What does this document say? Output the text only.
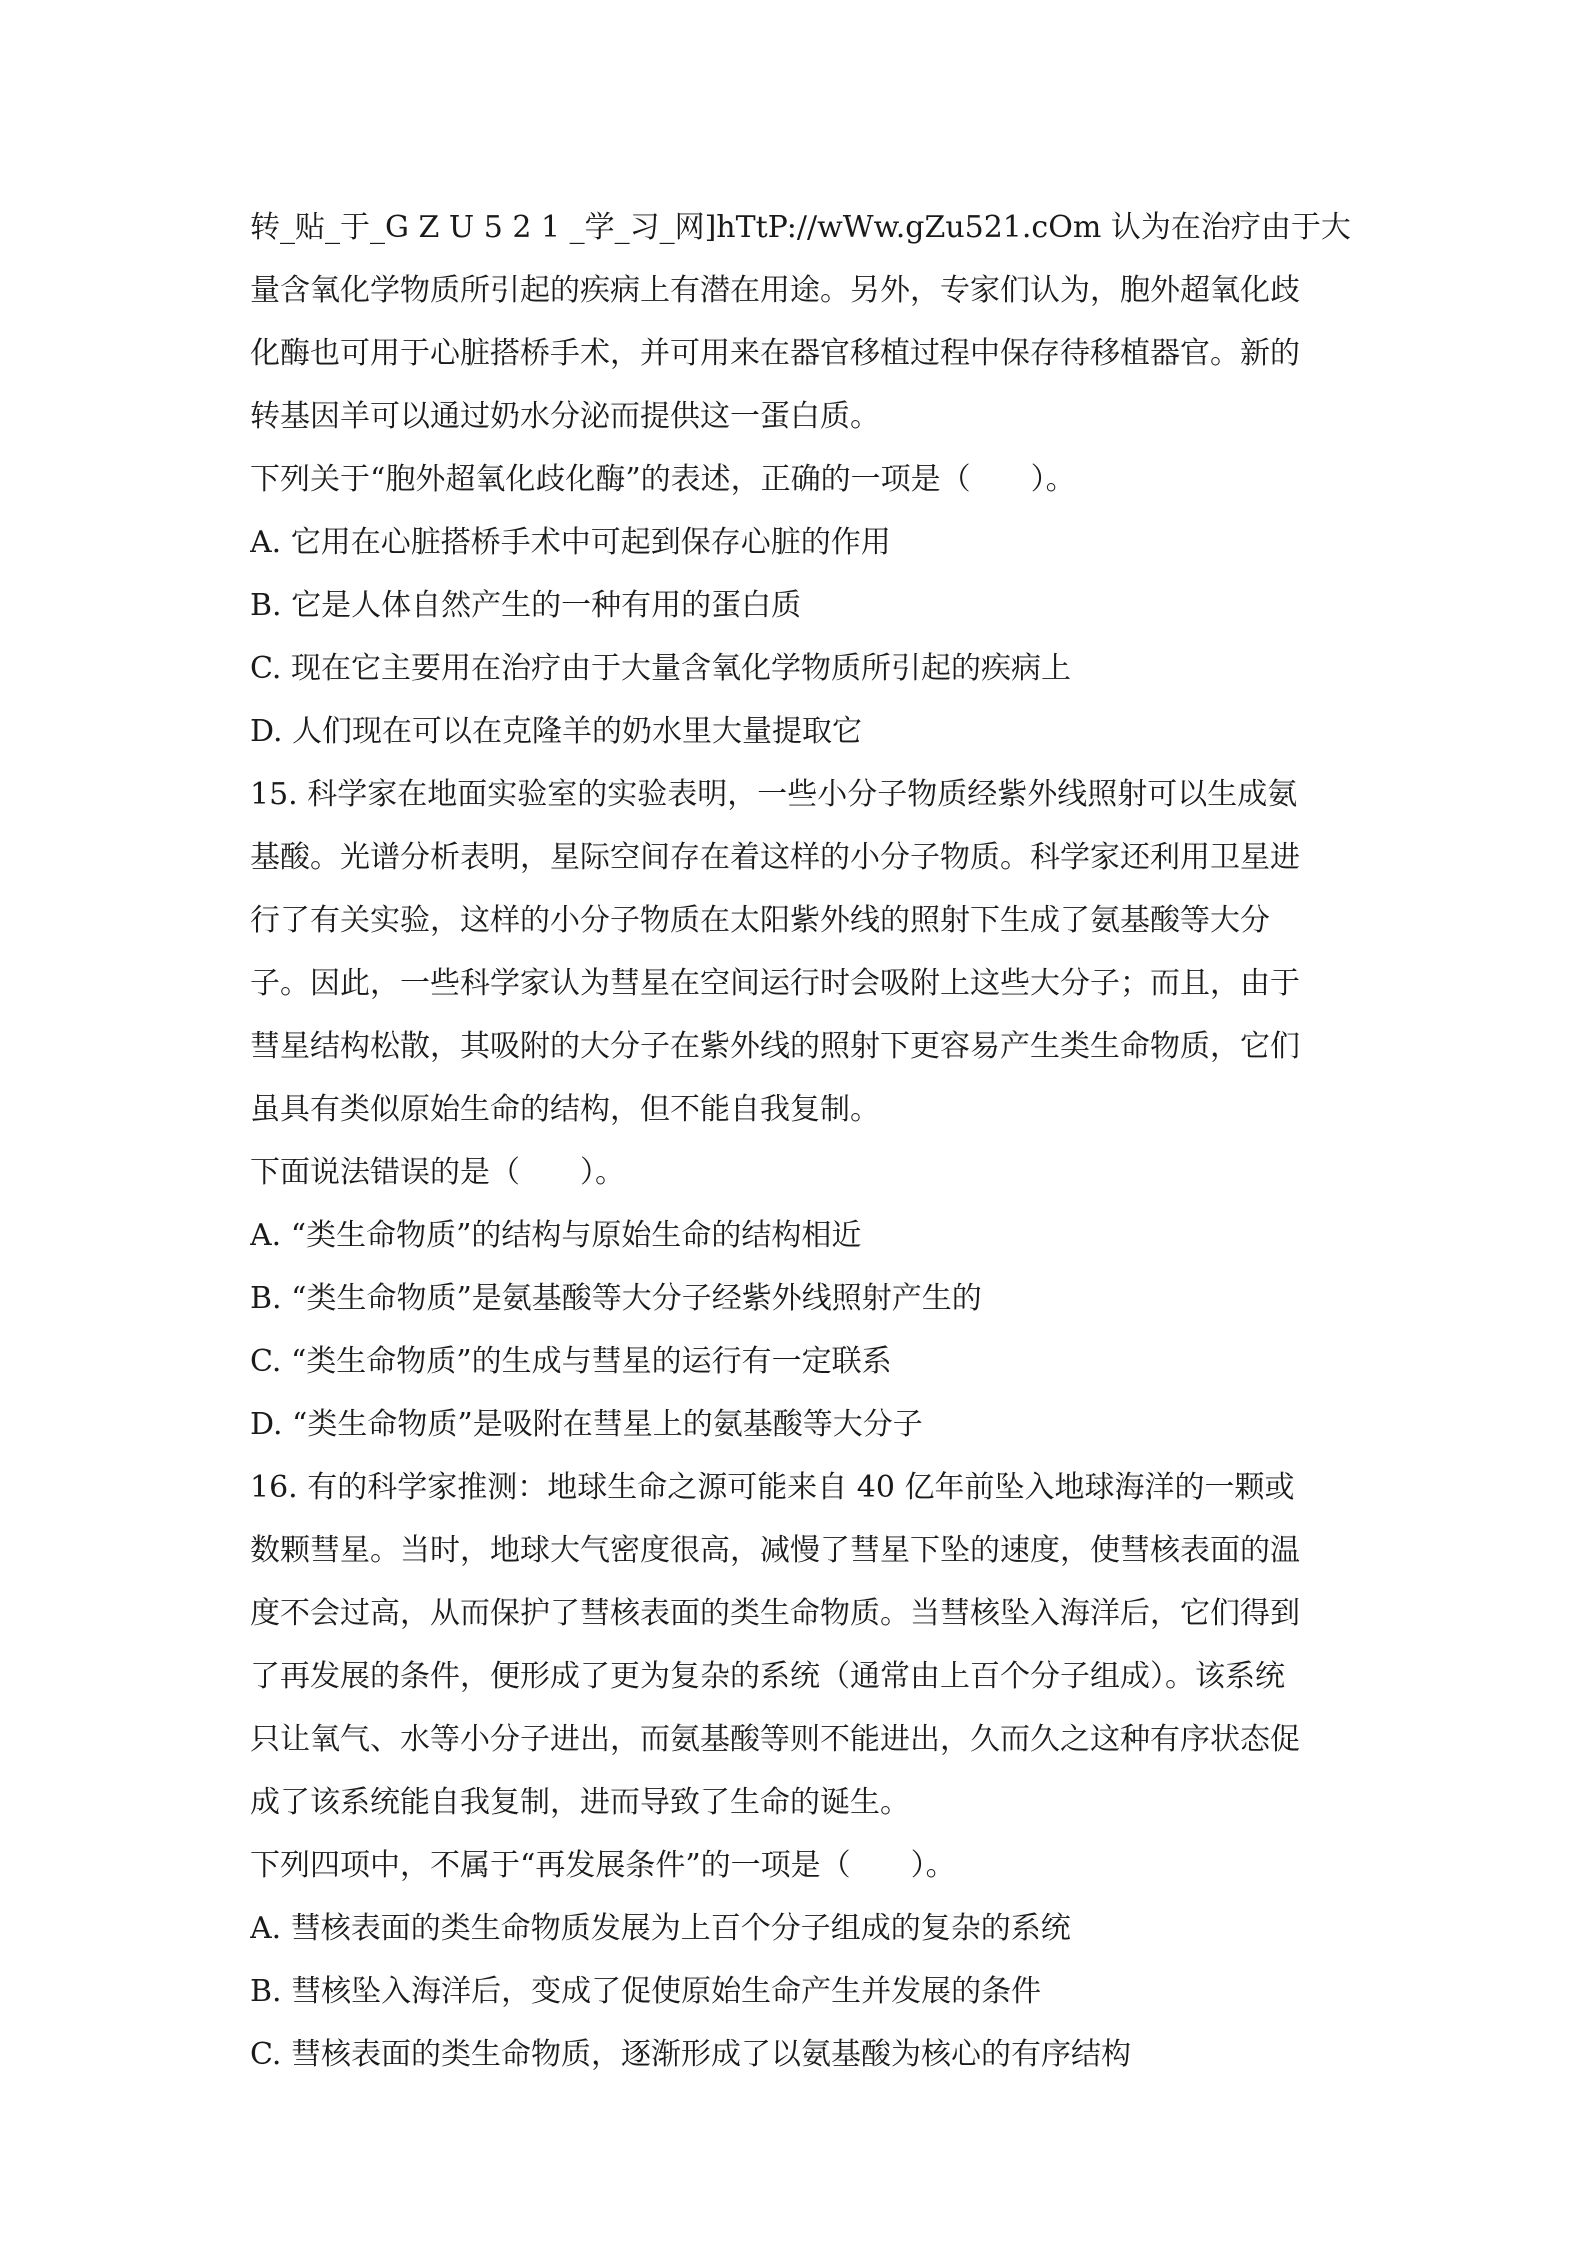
转_贴_于_G Z U 5 2 1 _学_习_网]hTtP://wWw.gZu521.cOm 认为在治疗由于大
量含氧化学物质所引起的疾病上有潜在用途。另外，专家们认为，胞外超氧化歧
化酶也可用于心脏搭桥手术，并可用来在器官移植过程中保存待移植器官。新的
转基因羊可以通过奶水分泌而提供这一蛋白质。
下列关于“胞外超氧化歧化酶”的表述，正确的一项是（　　）。
A. 它用在心脏搭桥手术中可起到保存心脏的作用
B. 它是人体自然产生的一种有用的蛋白质
C. 现在它主要用在治疗由于大量含氧化学物质所引起的疾病上
D. 人们现在可以在克隆羊的奶水里大量提取它
15. 科学家在地面实验室的实验表明，一些小分子物质经紫外线照射可以生成氨
基酸。光谱分析表明，星际空间存在着这样的小分子物质。科学家还利用卫星进
行了有关实验，这样的小分子物质在太阳紫外线的照射下生成了氨基酸等大分
子。因此，一些科学家认为彗星在空间运行时会吸附上这些大分子；而且，由于
彗星结构松散，其吸附的大分子在紫外线的照射下更容易产生类生命物质，它们
虽具有类似原始生命的结构，但不能自我复制。
下面说法错误的是（　　）。
A. “类生命物质”的结构与原始生命的结构相近
B. “类生命物质”是氨基酸等大分子经紫外线照射产生的
C. “类生命物质”的生成与彗星的运行有一定联系
D. “类生命物质”是吸附在彗星上的氨基酸等大分子
16. 有的科学家推测：地球生命之源可能来自 40 亿年前坠入地球海洋的一颗或
数颗彗星。当时，地球大气密度很高，减慢了彗星下坠的速度，使彗核表面的温
度不会过高，从而保护了彗核表面的类生命物质。当彗核坠入海洋后，它们得到
了再发展的条件，便形成了更为复杂的系统（通常由上百个分子组成）。该系统
只让氧气、水等小分子进出，而氨基酸等则不能进出，久而久之这种有序状态促
成了该系统能自我复制，进而导致了生命的诞生。
下列四项中，不属于“再发展条件”的一项是（　　）。
A. 彗核表面的类生命物质发展为上百个分子组成的复杂的系统
B. 彗核坠入海洋后，变成了促使原始生命产生并发展的条件
C. 彗核表面的类生命物质，逐渐形成了以氨基酸为核心的有序结构
